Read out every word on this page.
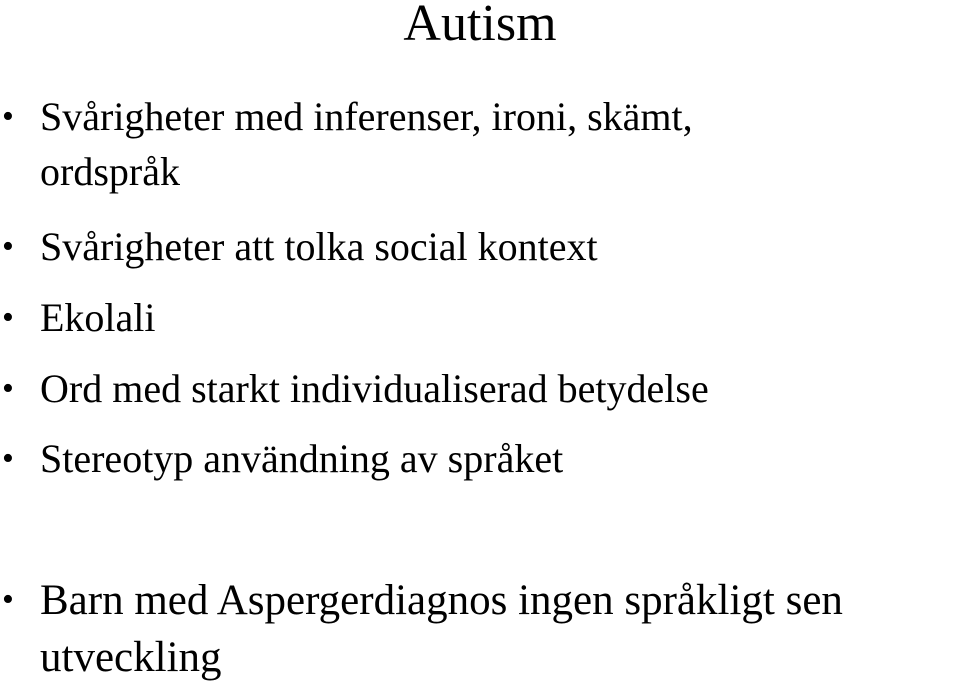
Autism
• Svårigheter med inferenser, ironi, skämt,
ordspråk
• Svårigheter att tolka social kontext
• Ekolali
• Ord med starkt individualiserad betydelse
• Stereotyp användning av språket
• Barn med Aspergerdiagnos ingen språkligt sen
utveckling
